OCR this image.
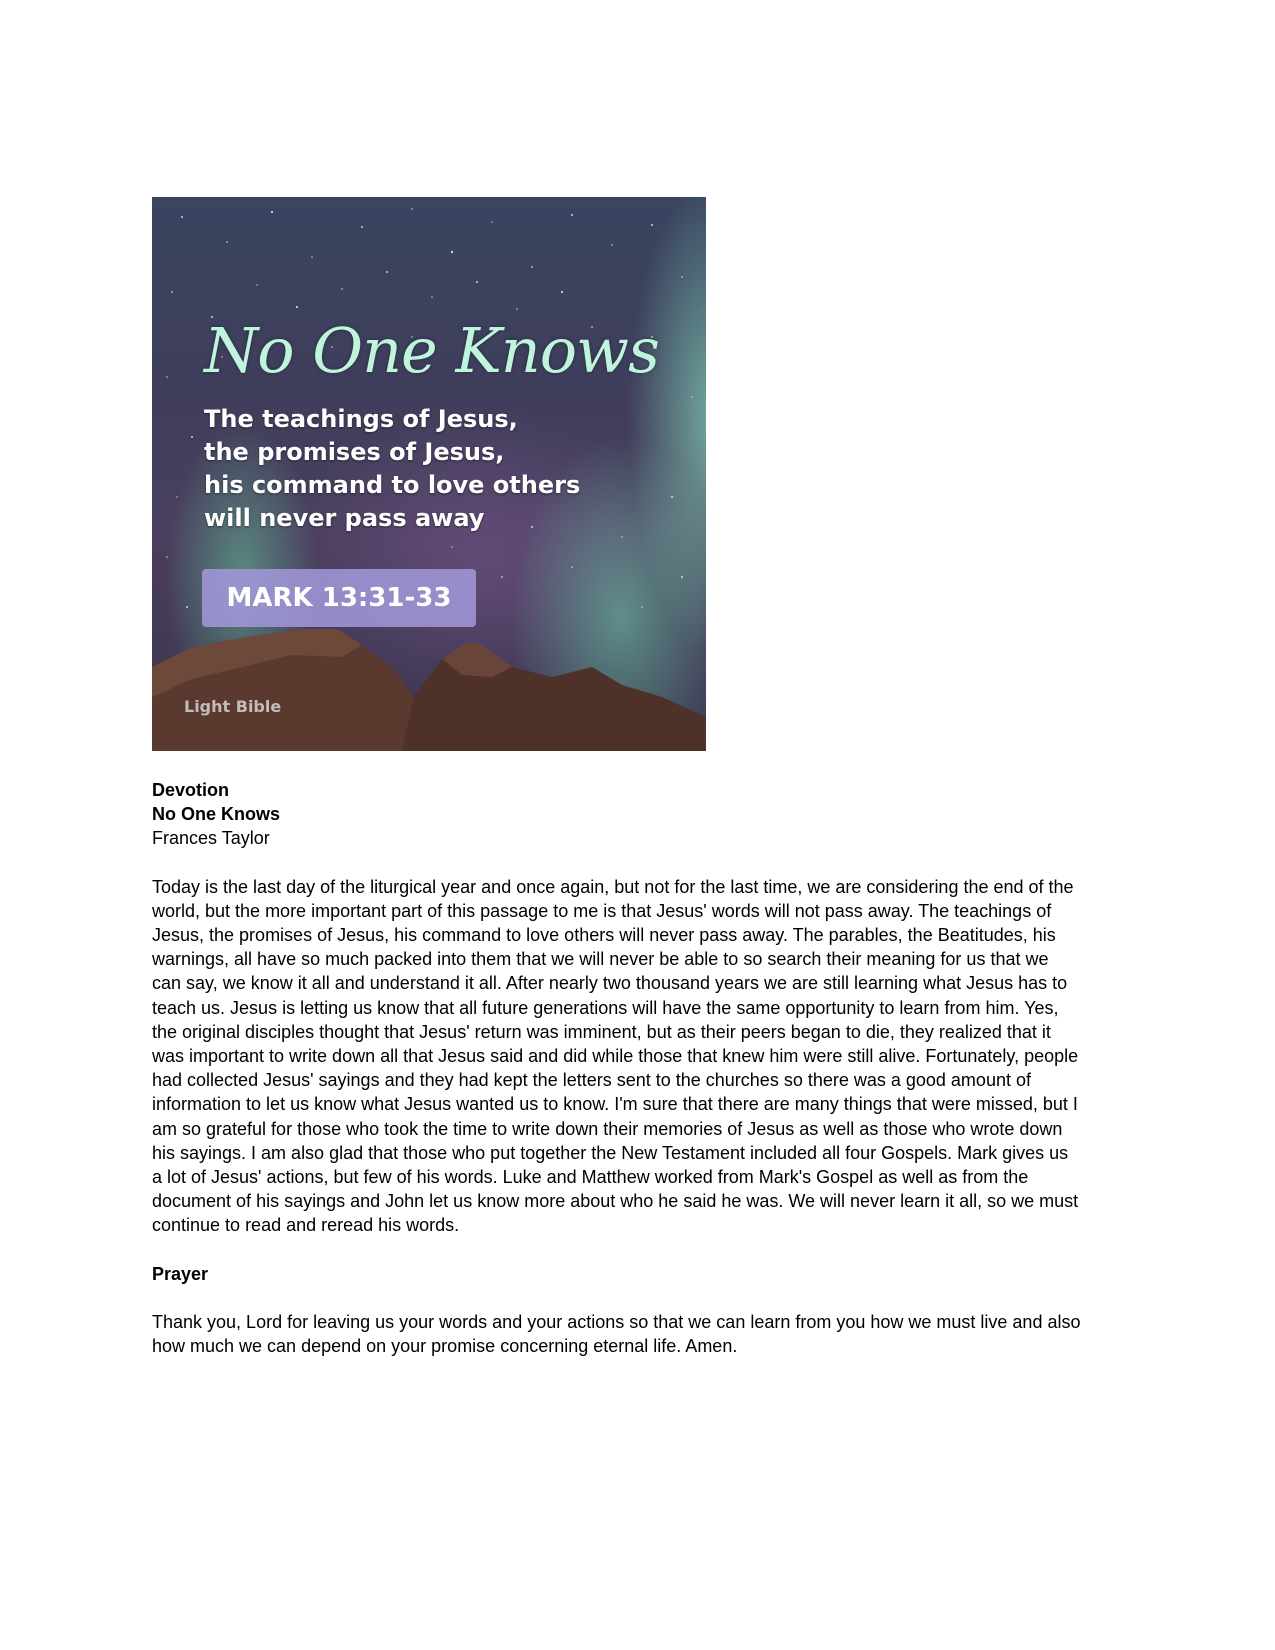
No One Knows
The teachings of Jesus,
the promises of Jesus,
his command to love others
will never pass away
MARK 13:31-33
Light Bible
Devotion
No One Knows
Frances Taylor

Today is the last day of the liturgical year and once again, but not for the last time, we are considering the end of the world, but the more important part of this passage to me is that Jesus' words will not pass away. The teachings of Jesus, the promises of Jesus, his command to love others will never pass away. The parables, the Beatitudes, his warnings, all have so much packed into them that we will never be able to so search their meaning for us that we can say, we know it all and understand it all. After nearly two thousand years we are still learning what Jesus has to teach us. Jesus is letting us know that all future generations will have the same opportunity to learn from him. Yes, the original disciples thought that Jesus' return was imminent, but as their peers began to die, they realized that it was important to write down all that Jesus said and did while those that knew him were still alive. Fortunately, people had collected Jesus' sayings and they had kept the letters sent to the churches so there was a good amount of information to let us know what Jesus wanted us to know. I'm sure that there are many things that were missed, but I am so grateful for those who took the time to write down their memories of Jesus as well as those who wrote down his sayings. I am also glad that those who put together the New Testament included all four Gospels. Mark gives us a lot of Jesus' actions, but few of his words. Luke and Matthew worked from Mark's Gospel as well as from the document of his sayings and John let us know more about who he said he was. We will never learn it all, so we must continue to read and reread his words.

Prayer

Thank you, Lord for leaving us your words and your actions so that we can learn from you how we must live and also how much we can depend on your promise concerning eternal life. Amen.
